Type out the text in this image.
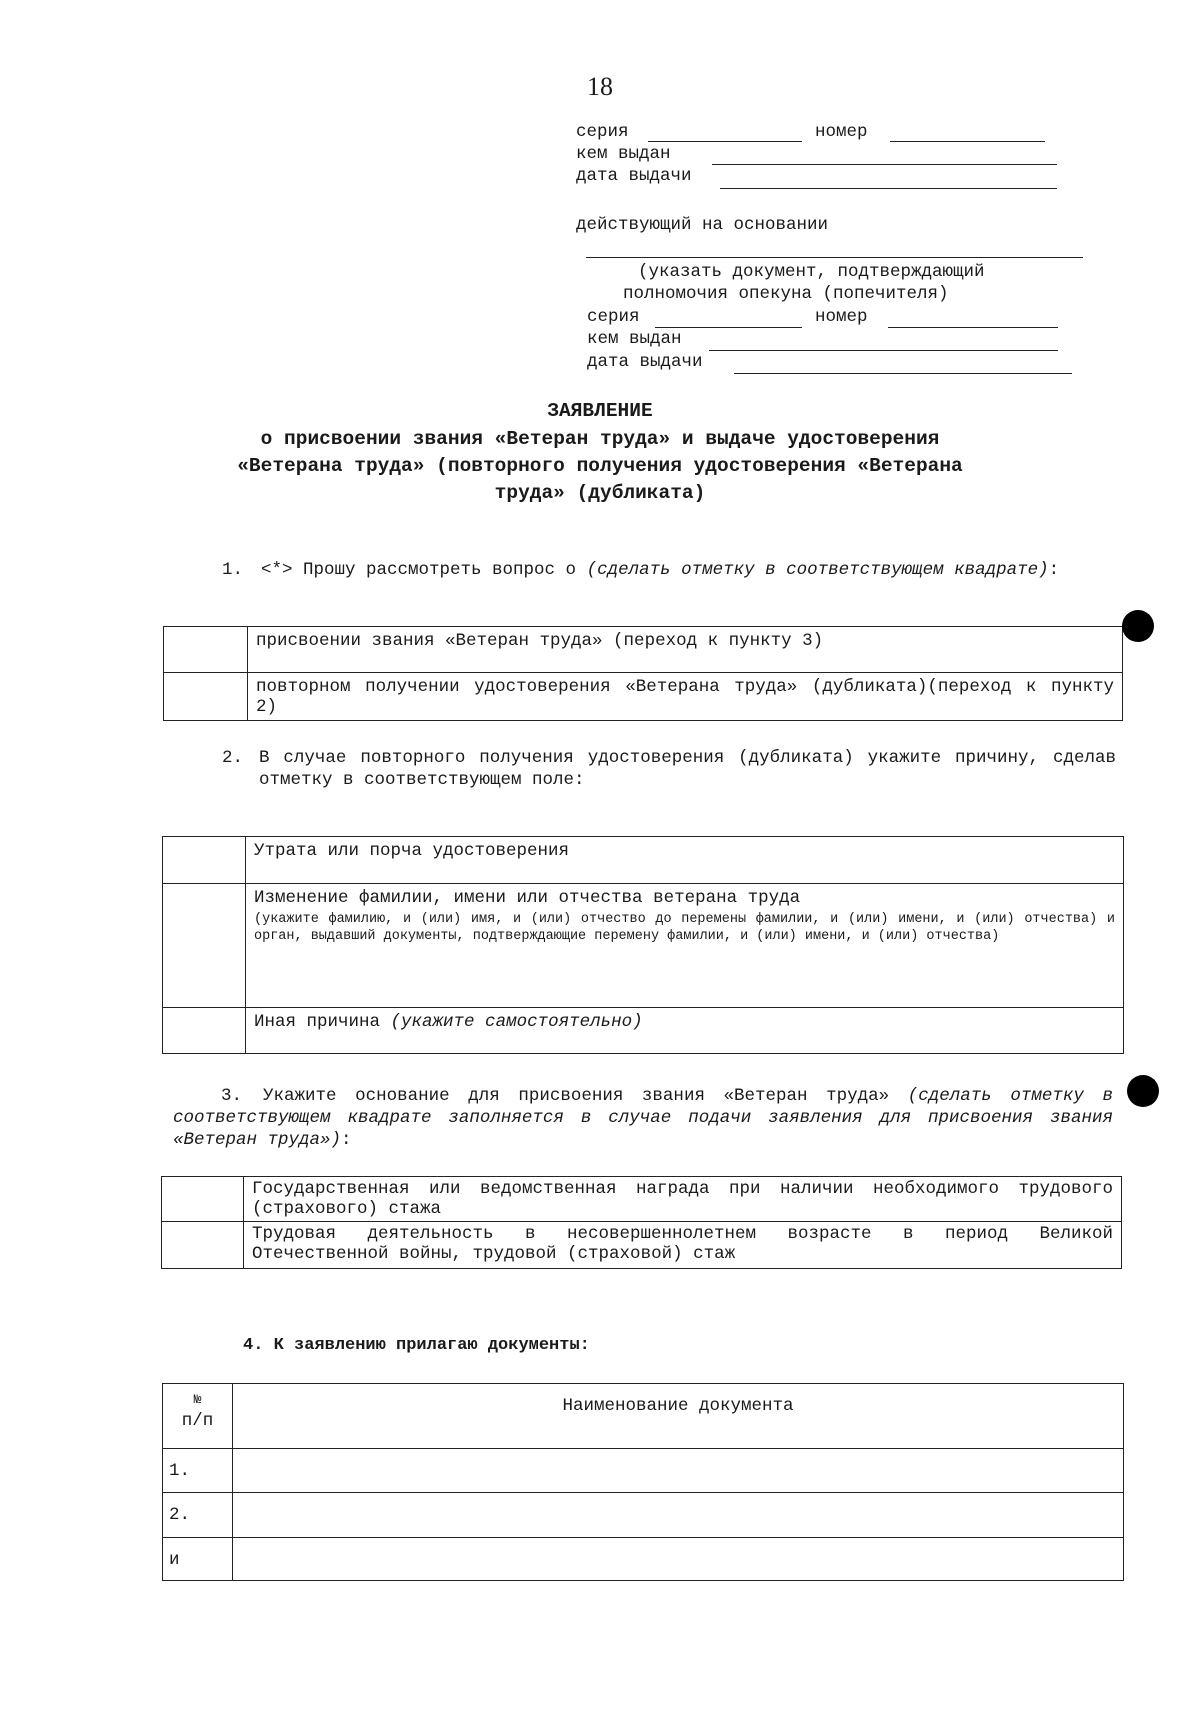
18
серия	номер
кем выдан
дата выдачи
действующий на основании
(указать документ, подтверждающий
полномочия опекуна (попечителя)
серия	номер
кем выдан
дата выдачи
ЗАЯВЛЕНИЕ
о присвоении звания «Ветеран труда» и выдаче удостоверения
«Ветерана труда» (повторного получения удостоверения «Ветерана
труда» (дубликата)
1. <*> Прошу рассмотреть вопрос о (сделать отметку в соответствующем квадрате):
	присвоении звания «Ветеран труда» (переход к пункту 3)
	повторном получении удостоверения «Ветерана труда» (дубликата)(переход к пункту 2)
2. В случае повторного получения удостоверения (дубликата) укажите причину, сделав отметку в соответствующем поле:
	Утрата или порча удостоверения
	Изменение фамилии, имени или отчества ветерана труда
(укажите фамилию, и (или) имя, и (или) отчество до перемены фамилии, и (или) имени, и (или) отчества) и орган, выдавший документы, подтверждающие перемену фамилии, и (или) имени, и (или) отчества)

	Иная причина (укажите самостоятельно)
3.	Укажите основание для присвоения звания «Ветеран труда» (сделать отметку в соответствующем квадрате заполняется в случае подачи заявления для присвоения звания «Ветеран труда»):
	Государственная или ведомственная награда при наличии необходимого трудового (страхового) стажа
	Трудовая деятельность в несовершеннолетнем возрасте в период Великой Отечественной войны, трудовой (страховой) стаж
4. К заявлению прилагаю документы:
№
п/п	Наименование документа
1.	
2.	
и	
